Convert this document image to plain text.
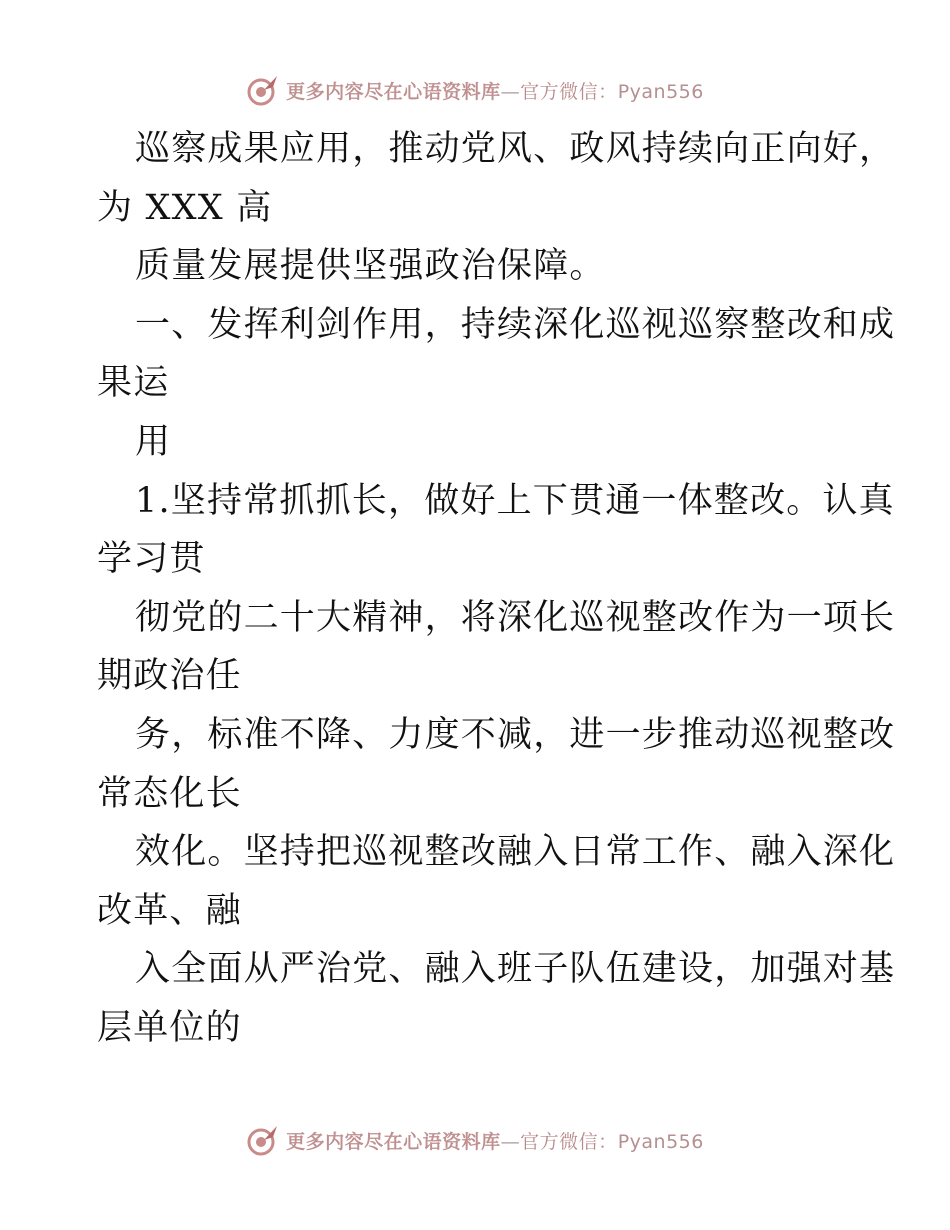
更多内容尽在心语资料库—官方微信：Pyan556
巡察成果应用，推动党风、政风持续向正向好，
为 XXX 高
质量发展提供坚强政治保障。
一、发挥利剑作用，持续深化巡视巡察整改和成
果运
用
1.坚持常抓抓长，做好上下贯通一体整改。认真
学习贯
彻党的二十大精神，将深化巡视整改作为一项长
期政治任
务，标准不降、力度不减，进一步推动巡视整改
常态化长
效化。坚持把巡视整改融入日常工作、融入深化
改革、融
入全面从严治党、融入班子队伍建设，加强对基
层单位的
更多内容尽在心语资料库—官方微信：Pyan556
